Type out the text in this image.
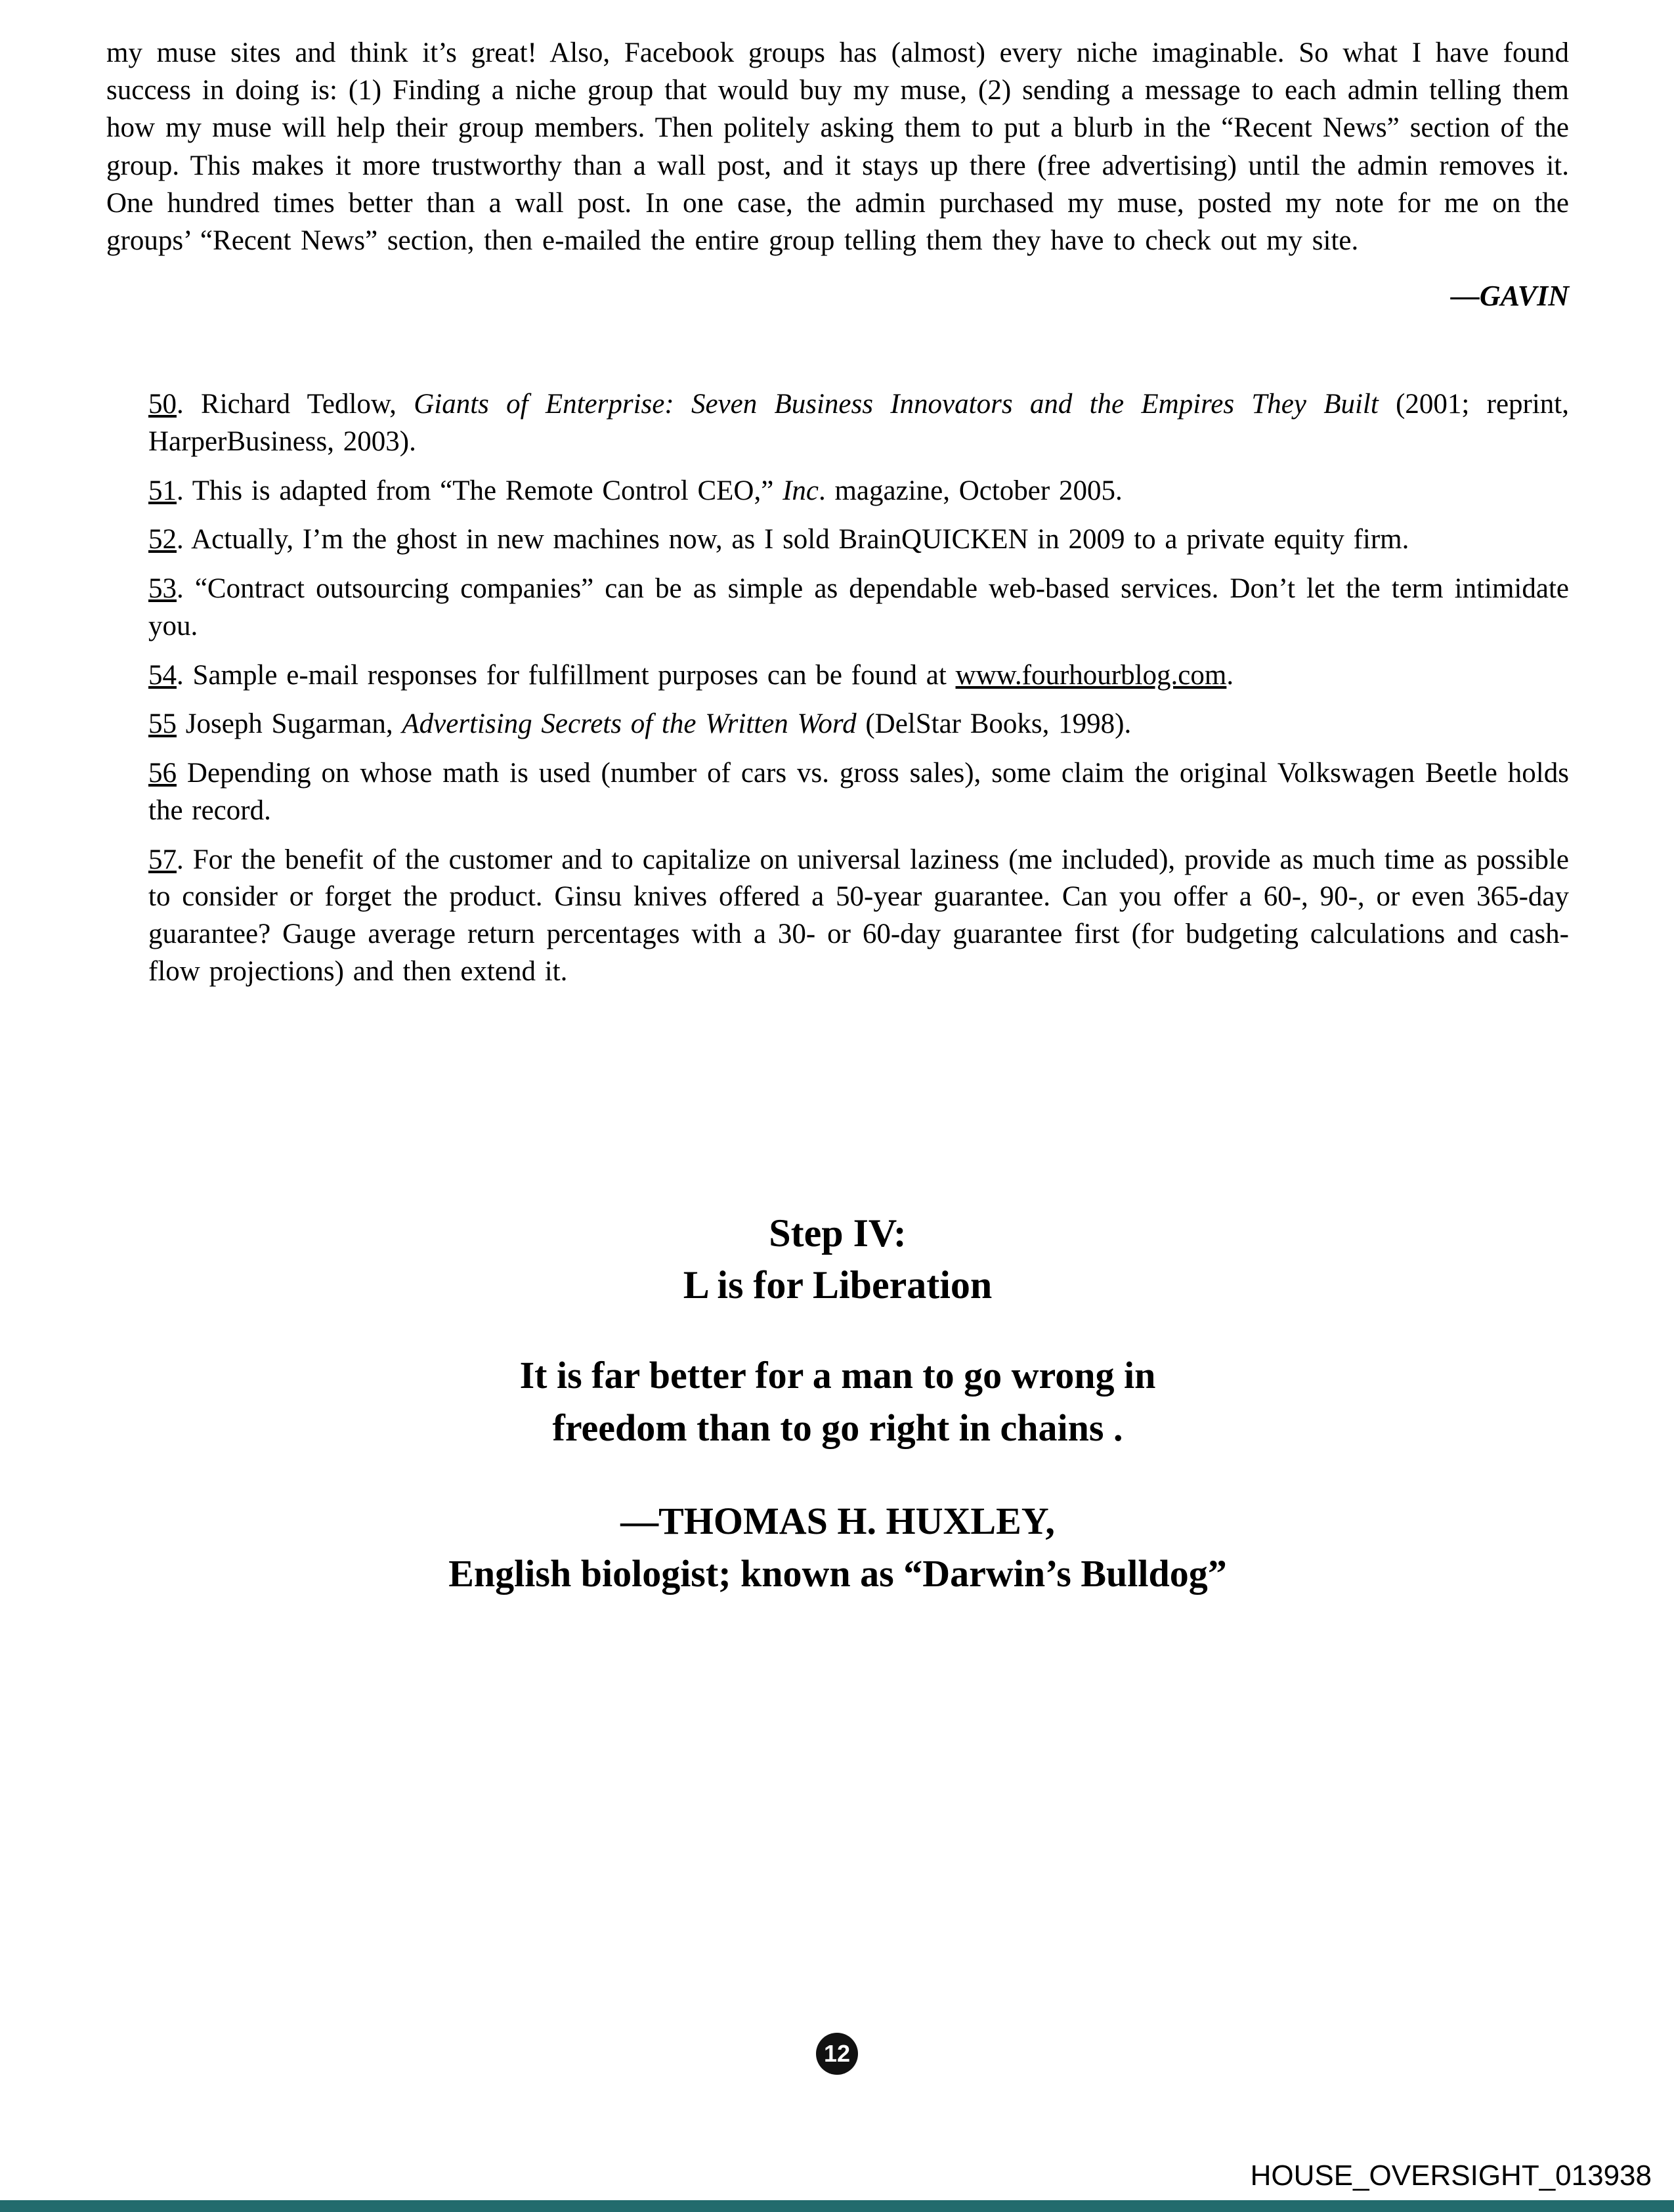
my muse sites and think it’s great! Also, Facebook groups has (almost) every niche imaginable. So what I have found success in doing is: (1) Finding a niche group that would buy my muse, (2) sending a message to each admin telling them how my muse will help their group members. Then politely asking them to put a blurb in the “Recent News” section of the group. This makes it more trustworthy than a wall post, and it stays up there (free advertising) until the admin removes it. One hundred times better than a wall post. In one case, the admin purchased my muse, posted my note for me on the groups’ “Recent News” section, then e-mailed the entire group telling them they have to check out my site.

—GAVIN

50. Richard Tedlow, Giants of Enterprise: Seven Business Innovators and the Empires They Built (2001; reprint, HarperBusiness, 2003).

51. This is adapted from “The Remote Control CEO,” Inc. magazine, October 2005.

52. Actually, I’m the ghost in new machines now, as I sold BrainQUICKEN in 2009 to a private equity firm.

53. “Contract outsourcing companies” can be as simple as dependable web-based services. Don’t let the term intimidate you.

54. Sample e-mail responses for fulfillment purposes can be found at www.fourhourblog.com.

55 Joseph Sugarman, Advertising Secrets of the Written Word (DelStar Books, 1998).

56 Depending on whose math is used (number of cars vs. gross sales), some claim the original Volkswagen Beetle holds the record.

57. For the benefit of the customer and to capitalize on universal laziness (me included), provide as much time as possible to consider or forget the product. Ginsu knives offered a 50-year guarantee. Can you offer a 60-, 90-, or even 365-day guarantee? Gauge average return percentages with a 30- or 60-day guarantee first (for budgeting calculations and cash-flow projections) and then extend it.

Step IV:
L is for Liberation
It is far better for a man to go wrong in
freedom than to go right in chains .
—THOMAS H. HUXLEY,
English biologist; known as “Darwin’s Bulldog”
12
HOUSE_OVERSIGHT_013938
